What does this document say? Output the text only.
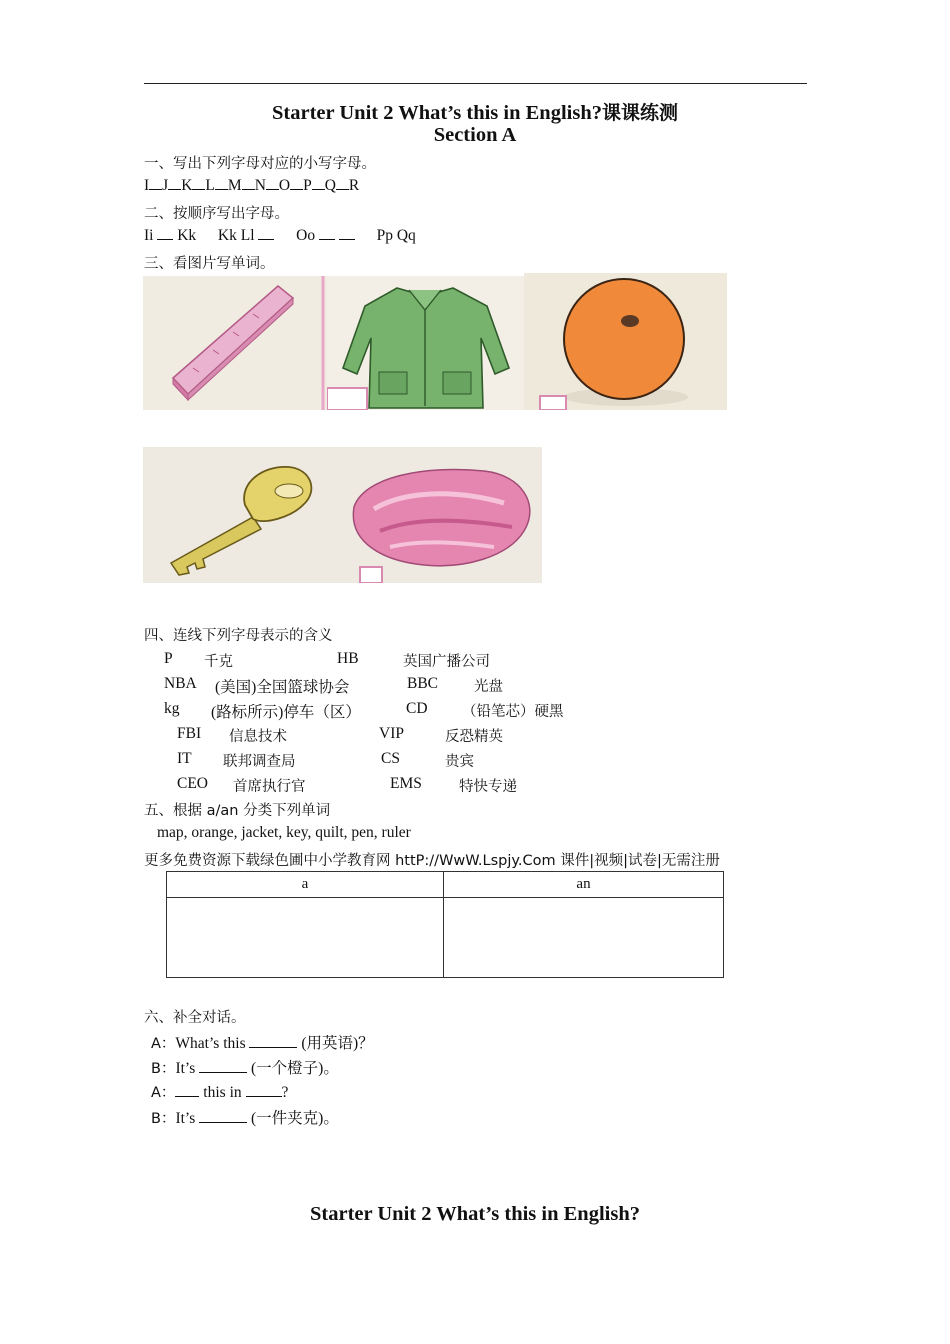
Starter Unit 2 What’s this in English?课课练测
Section A
一、写出下列字母对应的小写字母。
I J K L M N O P Q R
二、按顺序写出字母。
Ii Kk Kk Ll	Oo	Pp Qq
三、看图片写单词。
四、连线下列字母表示的含义
P 千克	HB	英国广播公司
NBA (美国)全国篮球协会	BBC 光盘
kg (路标所示)停车（区）	CD （铅笔芯）硬黑
FBI 信息技术	VIP	反恐精英
IT 联邦调查局	CS	贵宾
CEO 首席执行官	EMS	特快专递
五、根据 a/an 分类下列单词
map, orange, jacket, key, quilt, pen, ruler
更多免费资源下载绿色圃中小学教育网 httP://WwW.Lspjy.Com 课件|视频|试卷|无需注册
a	an

六、补全对话。
A：What’s this	(用英语)？
B：It’s	(一个橙子)。
A： this in ?
B：It’s	(一件夹克)。
Starter Unit 2 What’s this in English?
